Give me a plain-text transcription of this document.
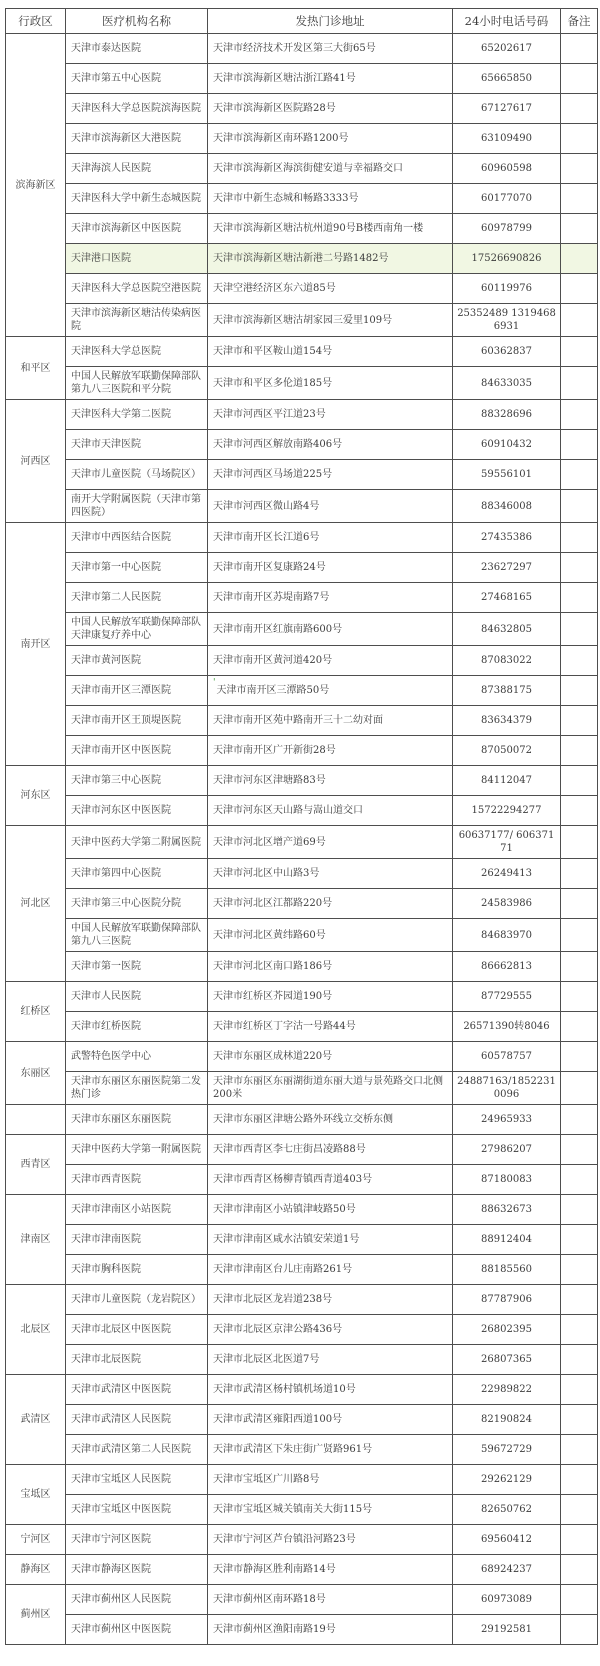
行政区	医疗机构名称	发热门诊地址	24小时电话号码	备注
滨海新区	天津市泰达医院	天津市经济技术开发区第三大街65号	65202617	
	天津市第五中心医院	天津市滨海新区塘沽浙江路41号	65665850	
	天津医科大学总医院滨海医院	天津市滨海新区医院路28号	67127617	
	天津市滨海新区大港医院	天津市滨海新区南环路1200号	63109490	
	天津海滨人民医院	天津市滨海新区海滨街健安道与幸福路交口	60960598	
	天津医科大学中新生态城医院	天津市中新生态城和畅路3333号	60177070	
	天津市滨海新区中医医院	天津市滨海新区塘沽杭州道90号B楼西南角一楼	60978799	
	天津港口医院	天津市滨海新区塘沽新港二号路1482号	17526690826	
	天津医科大学总医院空港医院	天津空港经济区东六道85号	60119976	
	天津市滨海新区塘沽传染病医院	天津市滨海新区塘沽胡家园三爱里109号	25352489 13194686931	
和平区	天津医科大学总医院	天津市和平区鞍山道154号	60362837	
	中国人民解放军联勤保障部队第九八三医院和平分院	天津市和平区多伦道185号	84633035	
河西区	天津医科大学第二医院	天津市河西区平江道23号	88328696	
	天津市天津医院	天津市河西区解放南路406号	60910432	
	天津市儿童医院（马场院区）	天津市河西区马场道225号	59556101	
	南开大学附属医院（天津市第四医院）	天津市河西区微山路4号	88346008	
南开区	天津市中西医结合医院	天津市南开区长江道6号	27435386	
	天津市第一中心医院	天津市南开区复康路24号	23627297	
	天津市第二人民医院	天津市南开区苏堤南路7号	27468165	
	中国人民解放军联勤保障部队天津康复疗养中心	天津市南开区红旗南路600号	84632805	
	天津市黄河医院	天津市南开区黄河道420号	87083022	
	天津市南开区三潭医院	'天津市南开区三潭路50号	87388175	
	天津市南开区王顶堤医院	天津市南开区苑中路南开三十二幼对面	83634379	
	天津市南开区中医医院	天津市南开区广开新街28号	87050072	
河东区	天津市第三中心医院	天津市河东区津塘路83号	84112047	
	天津市河东区中医医院	天津市河东区天山路与嵩山道交口	15722294277	
河北区	天津中医药大学第二附属医院	天津市河北区增产道69号	60637177/ 60637171	
	天津市第四中心医院	天津市河北区中山路3号	26249413	
	天津市第三中心医院分院	天津市河北区江都路220号	24583986	
	中国人民解放军联勤保障部队第九八三医院	天津市河北区黄纬路60号	84683970	
	天津市第一医院	天津市河北区南口路186号	86662813	
红桥区	天津市人民医院	天津市红桥区芥园道190号	87729555	
	天津市红桥医院	天津市红桥区丁字沽一号路44号	26571390转8046	
东丽区	武警特色医学中心	天津市东丽区成林道220号	60578757	
	天津市东丽区东丽医院第二发热门诊	天津市东丽区东丽湖街道东丽大道与景苑路交口北侧200米	24887163/18522310096	
	天津市东丽区东丽医院	天津市东丽区津塘公路外环线立交桥东侧	24965933	
西青区	天津中医药大学第一附属医院	天津市西青区李七庄街昌凌路88号	27986207	
	天津市西青医院	天津市西青区杨柳青镇西青道403号	87180083	
津南区	天津市津南区小站医院	天津市津南区小站镇津岐路50号	88632673	
	天津市津南医院	天津市津南区咸水沽镇安荣道1号	88912404	
	天津市胸科医院	天津市津南区台儿庄南路261号	88185560	
北辰区	天津市儿童医院（龙岩院区）	天津市北辰区龙岩道238号	87787906	
	天津市北辰区中医医院	天津市北辰区京津公路436号	26802395	
	天津市北辰医院	天津市北辰区北医道7号	26807365	
武清区	天津市武清区中医医院	天津市武清区杨村镇机场道10号	22989822	
	天津市武清区人民医院	天津市武清区雍阳西道100号	82190824	
	天津市武清区第二人民医院	天津市武清区下朱庄街广贤路961号	59672729	
宝坻区	天津市宝坻区人民医院	天津市宝坻区广川路8号	29262129	
	天津市宝坻区中医医院	天津市宝坻区城关镇南关大街115号	82650762	
宁河区	天津市宁河区医院	天津市宁河区芦台镇沿河路23号	69560412	
静海区	天津市静海区医院	天津市静海区胜利南路14号	68924237	
蓟州区	天津市蓟州区人民医院	天津市蓟州区南环路18号	60973089	
	天津市蓟州区中医医院	天津市蓟州区渔阳南路19号	29192581	
